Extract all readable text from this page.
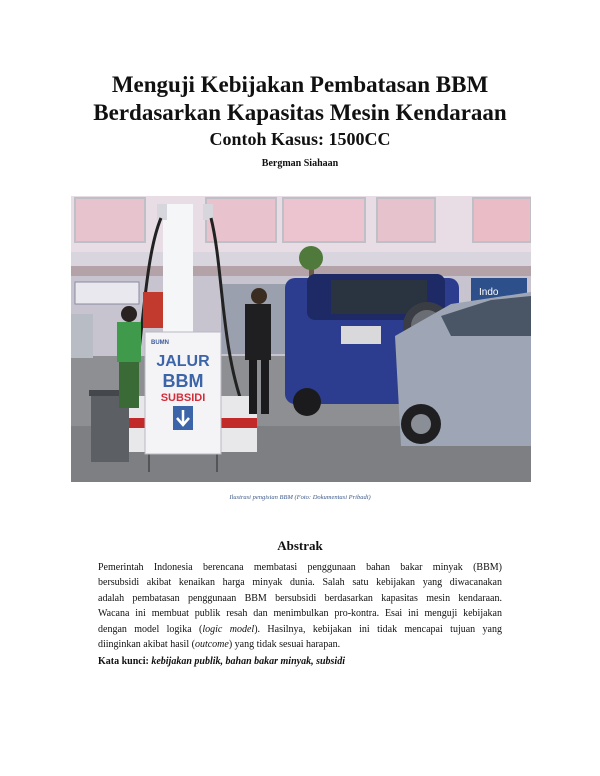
Menguji Kebijakan Pembatasan BBM
Berdasarkan Kapasitas Mesin Kendaraan
Contoh Kasus: 1500CC
Bergman Siahaan
Indo
BUMN
JALUR
BBM
SUBSIDI
Ilustrasi pengisian BBM (Foto: Dokumentasi Pribadi)
Abstrak
Pemerintah Indonesia berencana membatasi penggunaan bahan bakar minyak (BBM)
bersubsidi akibat kenaikan harga minyak dunia. Salah satu kebijakan yang diwacanakan
adalah pembatasan penggunaan BBM bersubsidi berdasarkan kapasitas mesin kendaraan.
Wacana ini membuat publik resah dan menimbulkan pro-kontra. Esai ini menguji kebijakan
dengan model logika (logic model). Hasilnya, kebijakan ini tidak mencapai tujuan yang
diinginkan akibat hasil (outcome) yang tidak sesuai harapan.
Kata kunci: kebijakan publik, bahan bakar minyak, subsidi
